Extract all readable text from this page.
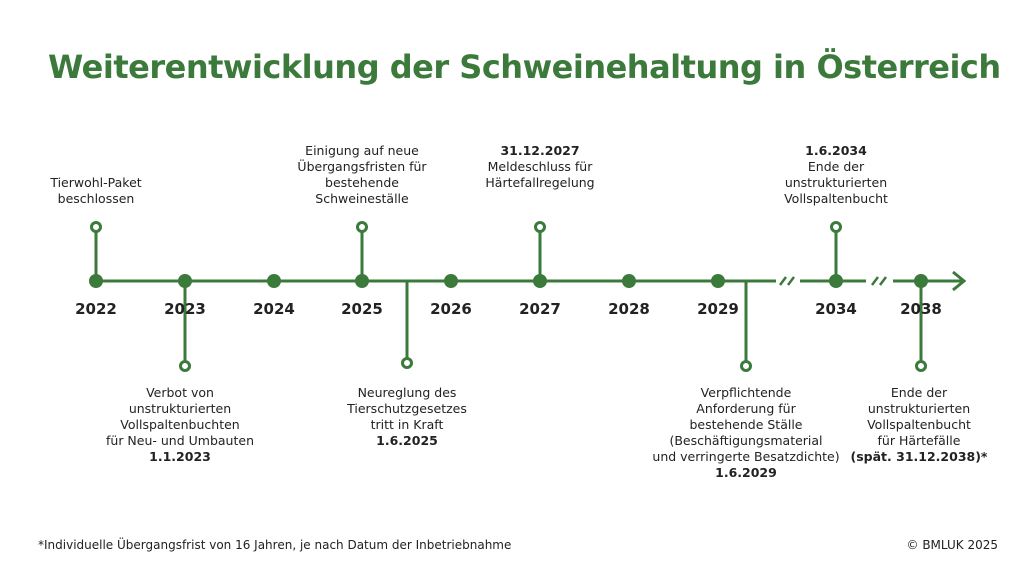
Weiterentwicklung der Schweinehaltung in Österreich
2022	2023	2024	2025	2026	2027	2028	2029	2034	2038
Tierwohl-Paket
beschlossen
Einigung auf neue
Übergangsfristen für
bestehende
Schweineställe
31.12.2027
Meldeschluss für
Härtefallregelung
1.6.2034
Ende der
unstrukturierten
Vollspaltenbucht
Verbot von
unstrukturierten
Vollspaltenbuchten
für Neu- und Umbauten
1.1.2023
Neureglung des
Tierschutzgesetzes
tritt in Kraft
1.6.2025
Verpflichtende
Anforderung für
bestehende Ställe
(Beschäftigungsmaterial
und verringerte Besatzdichte)
1.6.2029
Ende der
unstrukturierten
Vollspaltenbucht
für Härtefälle
(spät. 31.12.2038)*
*Individuelle Übergangsfrist von 16 Jahren, je nach Datum der Inbetriebnahme	© BMLUK 2025
